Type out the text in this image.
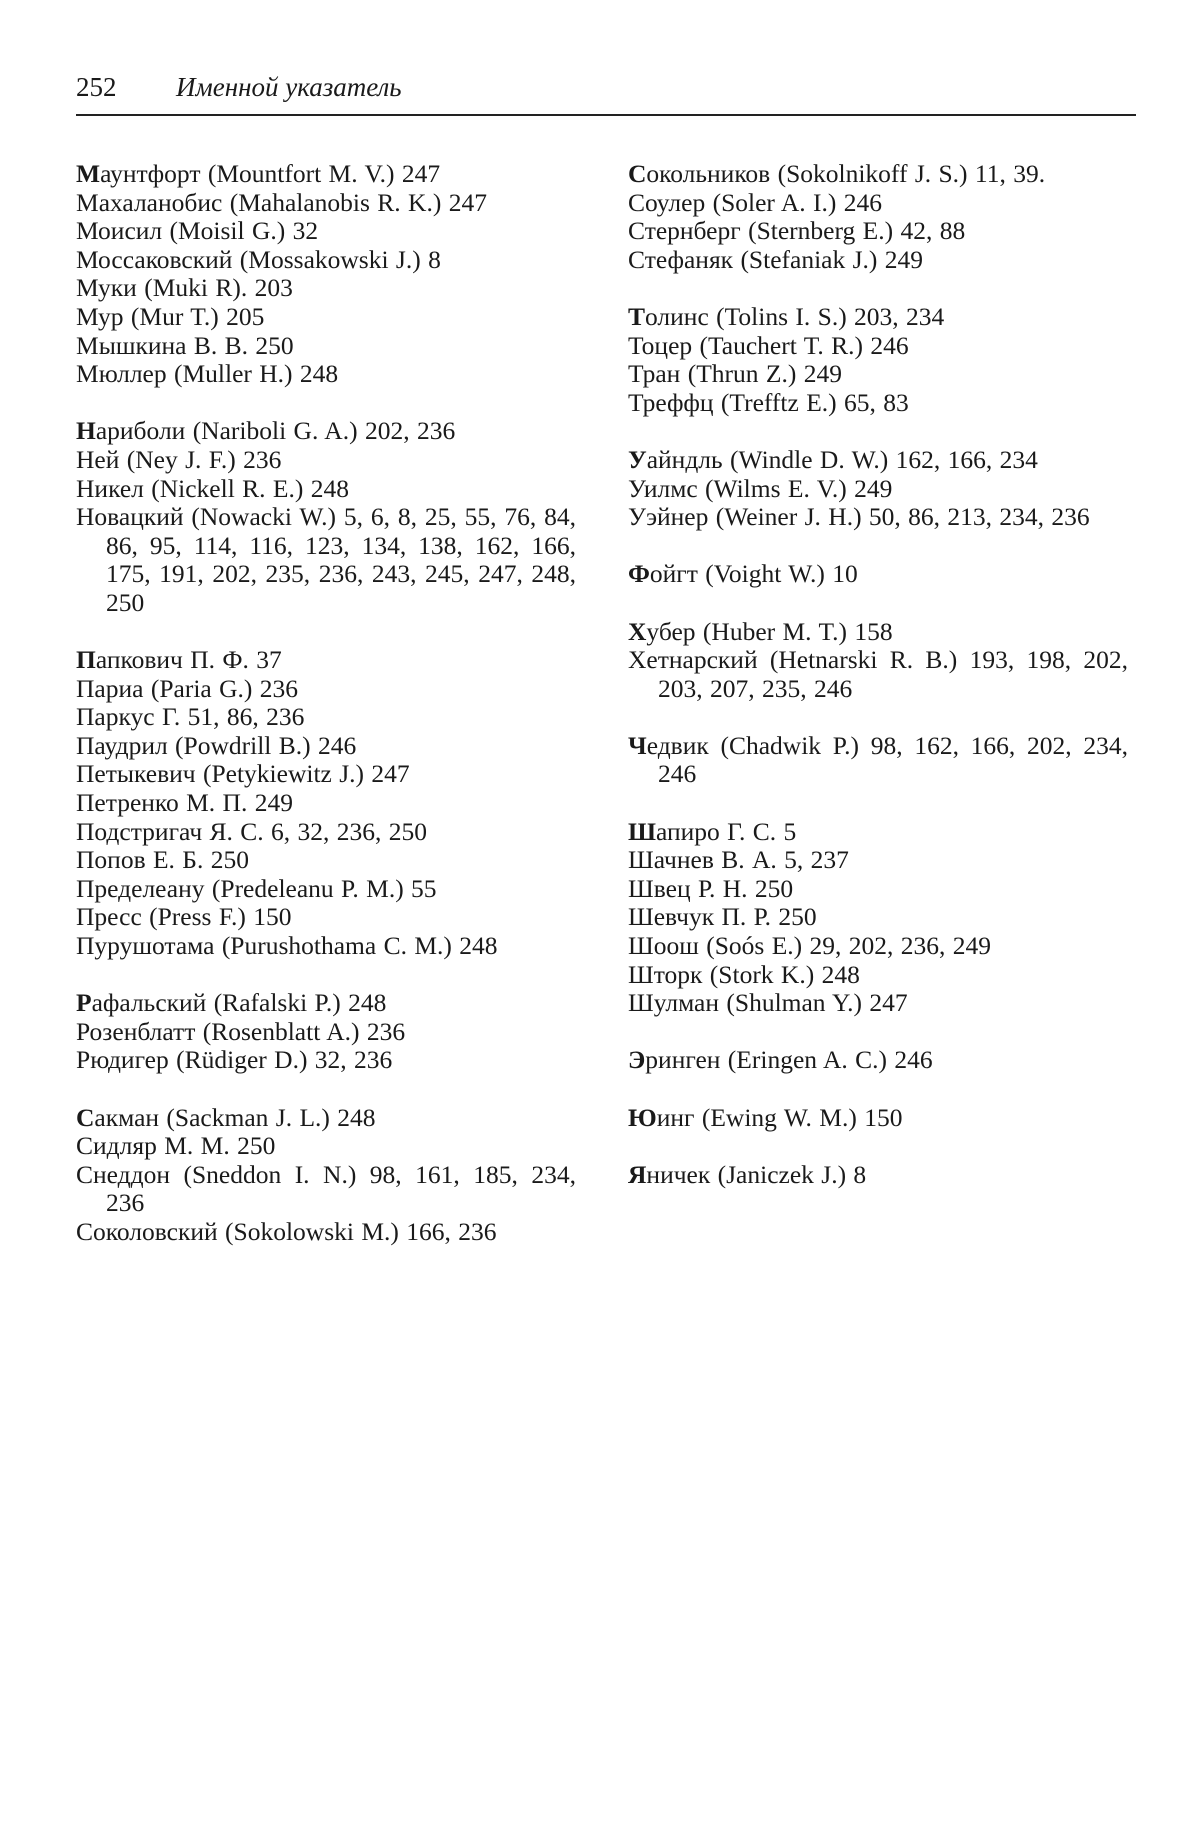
252 Именной указатель
Маунтфорт (Mountfort M. V.) 247
Махаланобис (Mahalanobis R. K.) 247
Моисил (Moisil G.) 32
Моссаковский (Mossakowski J.) 8
Муки (Muki R). 203
Мур (Mur T.) 205
Мышкина В. В. 250
Мюллер (Muller H.) 248
Нариболи (Nariboli G. A.) 202, 236
Ней (Ney J. F.) 236
Никел (Nickell R. E.) 248
Новацкий (Nowacki W.) 5, 6, 8, 25, 55, 76, 84, 86, 95, 114, 116, 123, 134, 138, 162, 166, 175, 191, 202, 235, 236, 243, 245, 247, 248, 250
Папкович П. Ф. 37
Париа (Paria G.) 236
Паркус Г. 51, 86, 236
Паудрил (Powdrill B.) 246
Петыкевич (Petykiewitz J.) 247
Петренко М. П. 249
Подстригач Я. С. 6, 32, 236, 250
Попов Е. Б. 250
Пределеану (Predeleanu P. M.) 55
Пресс (Press F.) 150
Пурушотама (Purushothama C. M.) 248
Рафальский (Rafalski P.) 248
Розенблатт (Rosenblatt A.) 236
Рюдигер (Rüdiger D.) 32, 236
Сакман (Sackman J. L.) 248
Сидляр М. М. 250
Снеддон (Sneddon I. N.) 98, 161, 185, 234, 236
Соколовский (Sokolowski M.) 166, 236
Сокольников (Sokolnikoff J. S.) 11, 39.
Соулер (Soler A. I.) 246
Стернберг (Sternberg E.) 42, 88
Стефаняк (Stefaniak J.) 249
Толинс (Tolins I. S.) 203, 234
Тоцер (Tauchert T. R.) 246
Тран (Thrun Z.) 249
Треффц (Trefftz E.) 65, 83
Уайндль (Windle D. W.) 162, 166, 234
Уилмс (Wilms E. V.) 249
Уэйнер (Weiner J. H.) 50, 86, 213, 234, 236
Фойгт (Voight W.) 10
Хубер (Huber M. T.) 158
Хетнарский (Hetnarski R. B.) 193, 198, 202, 203, 207, 235, 246
Чедвик (Chadwik P.) 98, 162, 166, 202, 234, 246
Шапиро Г. С. 5
Шачнев В. А. 5, 237
Швец Р. Н. 250
Шевчук П. Р. 250
Шоош (Soós E.) 29, 202, 236, 249
Шторк (Stork K.) 248
Шулман (Shulman Y.) 247
Эринген (Eringen A. C.) 246
Юинг (Ewing W. M.) 150
Яничек (Janiczek J.) 8
